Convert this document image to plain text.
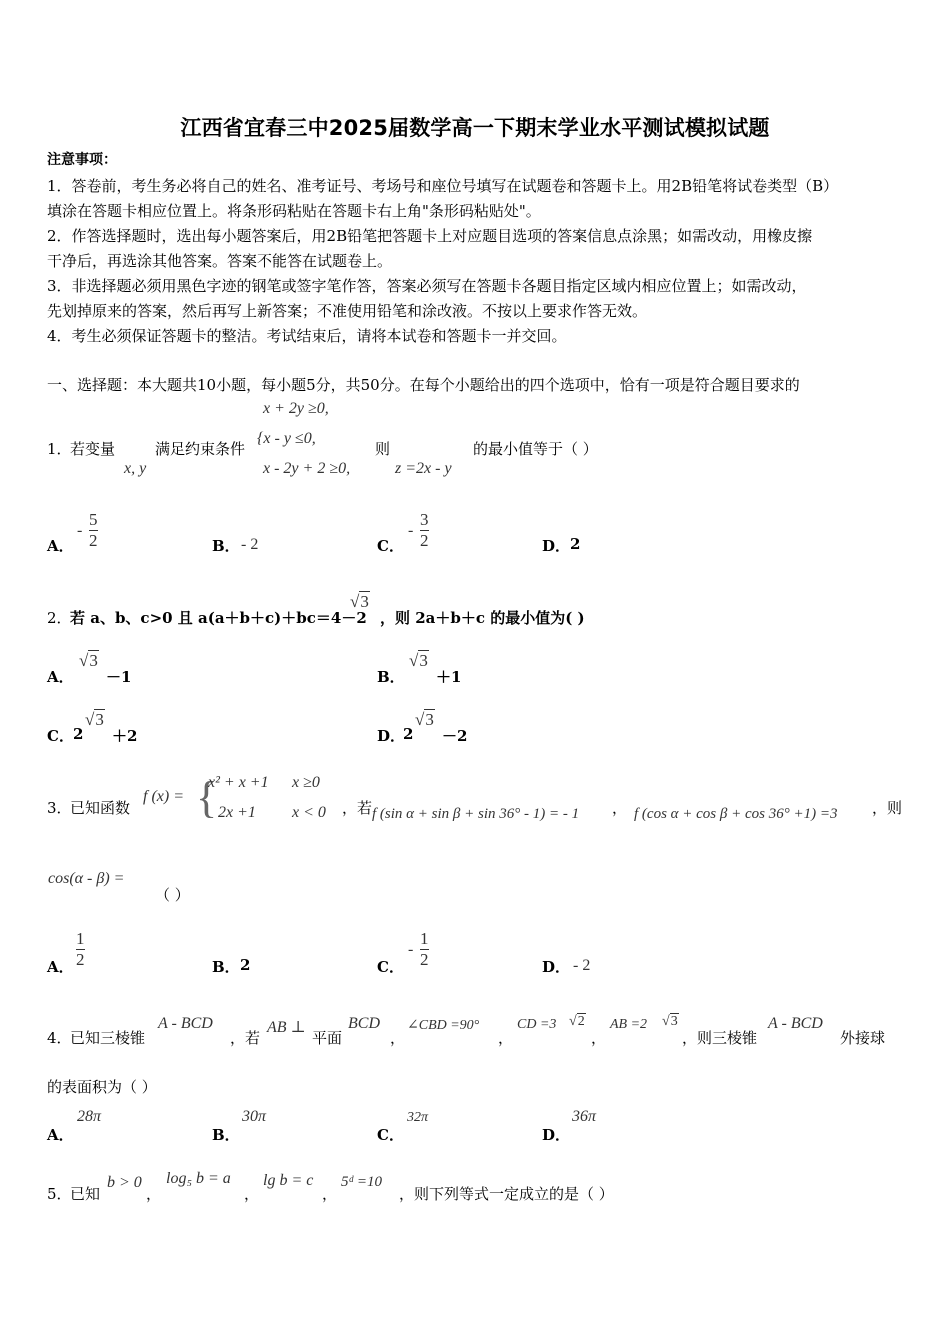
江西省宜春三中2025届数学高一下期末学业水平测试模拟试题
注意事项：
1．答卷前，考生务必将自己的姓名、准考证号、考场号和座位号填写在试题卷和答题卡上。用2B铅笔将试卷类型（B）
填涂在答题卡相应位置上。将条形码粘贴在答题卡右上角"条形码粘贴处"。
2．作答选择题时，选出每小题答案后，用2B铅笔把答题卡上对应题目选项的答案信息点涂黑；如需改动，用橡皮擦
干净后，再选涂其他答案。答案不能答在试题卷上。
3．非选择题必须用黑色字迹的钢笔或签字笔作答，答案必须写在答题卡各题目指定区域内相应位置上；如需改动，
先划掉原来的答案，然后再写上新答案；不准使用铅笔和涂改液。不按以上要求作答无效。
4．考生必须保证答题卡的整洁。考试结束后，请将本试卷和答题卡一并交回。
一、选择题：本大题共10小题，每小题5分，共50分。在每个小题给出的四个选项中，恰有一项是符合题目要求的
1．
若变量
x, y
满足约束条件
x + 2y ≥0,
{x - y ≤0,
x - 2y + 2 ≥0,
则
z =2x - y
的最小值等于（ ）
A．
- $\frac{5}{2}$	B． - 2	C．
- $\frac{3}{2}$	D． 2
2．
若 a、b、c>0 且 a(a＋b＋c)＋bc＝4－2
√3
，则 2a＋b＋c 的最小值为( )
A．
√3
－1	B．
√3
＋1
C． 2
√3
＋2	D．
2
√3
－2
3．
已知函数
f (x) = {
x² + x +1 x ≥0
2x +1 x < 0 ，若 f (sin α + sin β + sin 36° - 1) = - 1 ， f (cos α + cos β + cos 36° +1) =3 ，则
cos(α - β) =
（ ）
A． $\frac{1}{2}$	B． 2	C．
- $\frac{1}{2}$	D． - 2
4．
已知三棱锥
A - BCD
，若
AB ⊥
平面
BCD
，
∠CBD =90°
，
CD =3 √2
，
AB =2 √3
，则三棱锥
A - BCD
外接球
的表面积为（ ）
A．
28π
B．
30π
C．
32π
D．
36π
5．
已知
b > 0
，
log₅ b = a
，
lg b = c
，
5ᵈ =10
，则下列等式一定成立的是（ ）
